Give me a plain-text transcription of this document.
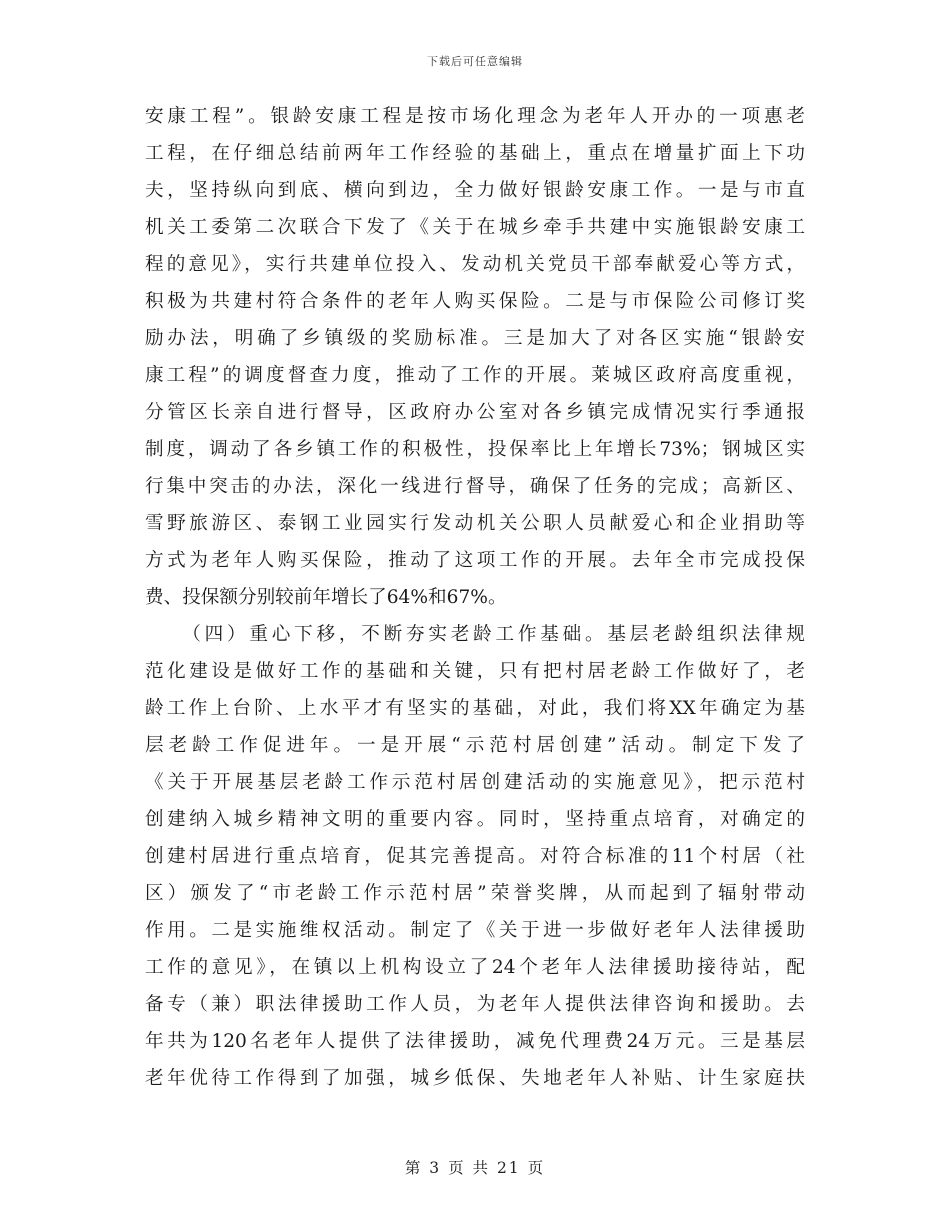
下载后可任意编辑
安康工程”。银龄安康工程是按市场化理念为老年人开办的一项惠老
工程，在仔细总结前两年工作经验的基础上，重点在增量扩面上下功
夫，坚持纵向到底、横向到边，全力做好银龄安康工作。一是与市直
机关工委第二次联合下发了《关于在城乡牵手共建中实施银龄安康工
程的意见》，实行共建单位投入、发动机关党员干部奉献爱心等方式，
积极为共建村符合条件的老年人购买保险。二是与市保险公司修订奖
励办法，明确了乡镇级的奖励标准。三是加大了对各区实施“银龄安
康工程”的调度督查力度，推动了工作的开展。莱城区政府高度重视，
分管区长亲自进行督导，区政府办公室对各乡镇完成情况实行季通报
制度，调动了各乡镇工作的积极性，投保率比上年增长73%；钢城区实
行集中突击的办法，深化一线进行督导，确保了任务的完成；高新区、
雪野旅游区、泰钢工业园实行发动机关公职人员献爱心和企业捐助等
方式为老年人购买保险，推动了这项工作的开展。去年全市完成投保
费、投保额分别较前年增长了64%和67%。
（四）重心下移，不断夯实老龄工作基础。基层老龄组织法律规
范化建设是做好工作的基础和关键，只有把村居老龄工作做好了，老
龄工作上台阶、上水平才有坚实的基础，对此，我们将XX年确定为基
层老龄工作促进年。一是开展“示范村居创建”活动。制定下发了
《关于开展基层老龄工作示范村居创建活动的实施意见》，把示范村
创建纳入城乡精神文明的重要内容。同时，坚持重点培育，对确定的
创建村居进行重点培育，促其完善提高。对符合标准的11个村居（社
区）颁发了“市老龄工作示范村居”荣誉奖牌，从而起到了辐射带动
作用。二是实施维权活动。制定了《关于进一步做好老年人法律援助
工作的意见》，在镇以上机构设立了24个老年人法律援助接待站，配
备专（兼）职法律援助工作人员，为老年人提供法律咨询和援助。去
年共为120名老年人提供了法律援助，减免代理费24万元。三是基层
老年优待工作得到了加强，城乡低保、失地老年人补贴、计生家庭扶
第 3 页 共 21 页
